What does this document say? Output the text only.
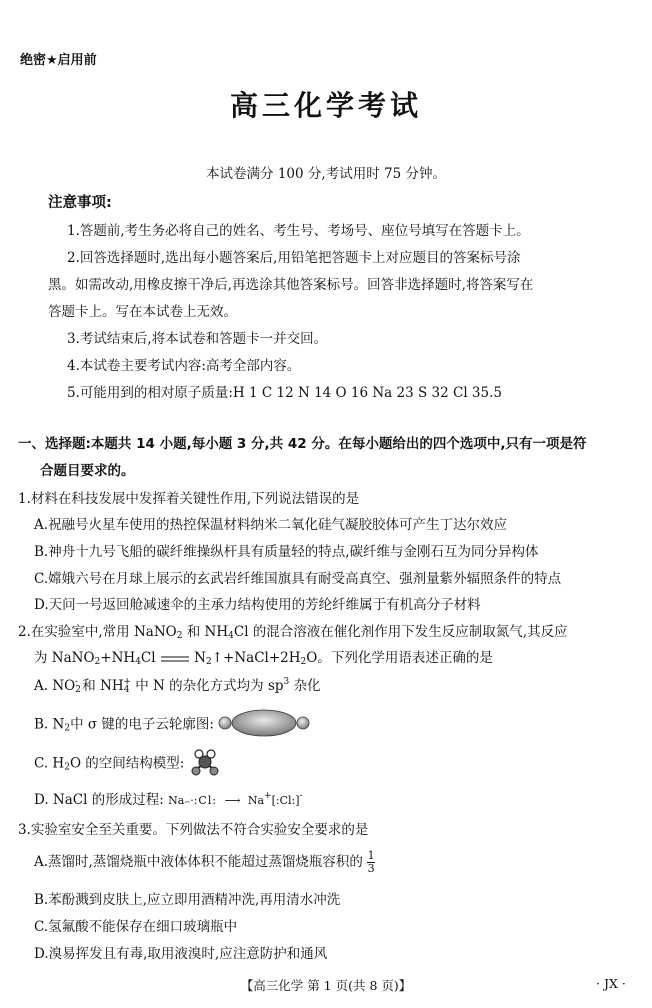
绝密★启用前
高三化学考试
本试卷满分 100 分,考试用时 75 分钟。
注意事项:
1.答题前,考生务必将自己的姓名、考生号、考场号、座位号填写在答题卡上。
2.回答选择题时,选出每小题答案后,用铅笔把答题卡上对应题目的答案标号涂
黑。如需改动,用橡皮擦干净后,再选涂其他答案标号。回答非选择题时,将答案写在
答题卡上。写在本试卷上无效。
3.考试结束后,将本试卷和答题卡一并交回。
4.本试卷主要考试内容:高考全部内容。
5.可能用到的相对原子质量:H 1 C 12 N 14 O 16 Na 23 S 32 Cl 35.5
一、选择题:本题共 14 小题,每小题 3 分,共 42 分。在每小题给出的四个选项中,只有一项是符
合题目要求的。
1.材料在科技发展中发挥着关键性作用,下列说法错误的是
A.祝融号火星车使用的热控保温材料纳米二氧化硅气凝胶胶体可产生丁达尔效应
B.神舟十九号飞船的碳纤维操纵杆具有质量轻的特点,碳纤维与金刚石互为同分异构体
C.嫦娥六号在月球上展示的玄武岩纤维国旗具有耐受高真空、强剂量紫外辐照条件的特点
D.天问一号返回舱减速伞的主承力结构使用的芳纶纤维属于有机高分子材料
2.在实验室中,常用 NaNO$_2$ 和 $NH_4Cl$ 的混合溶液在催化剂作用下发生反应制取氮气,其反应
为 $NaNO_2+NH_4Cl$	$N_2↑+NaCl+2H_2O$。下列化学用语表述正确的是
A. $NO_2^-$ 和 $NH_4^+$ 中 N 的杂化方式均为 $sp^3$ 杂化
B. $N_2$中 σ 键的电子云轮廓图:
C. $H_2O$ 的空间结构模型:
D. NaCl 的形成过程: Na⌢·:Cl: ⟶ Na+[:Cl:]-
3.实验室安全至关重要。下列做法不符合实验安全要求的是
A.蒸馏时,蒸馏烧瓶中液体体积不能超过蒸馏烧瓶容积的 $\frac{1}{3}$
B.苯酚溅到皮肤上,应立即用酒精冲洗,再用清水冲洗
C.氢氟酸不能保存在细口玻璃瓶中
D.溴易挥发且有毒,取用液溴时,应注意防护和通风
【高三化学 第 1 页(共 8 页)】	· JX ·
